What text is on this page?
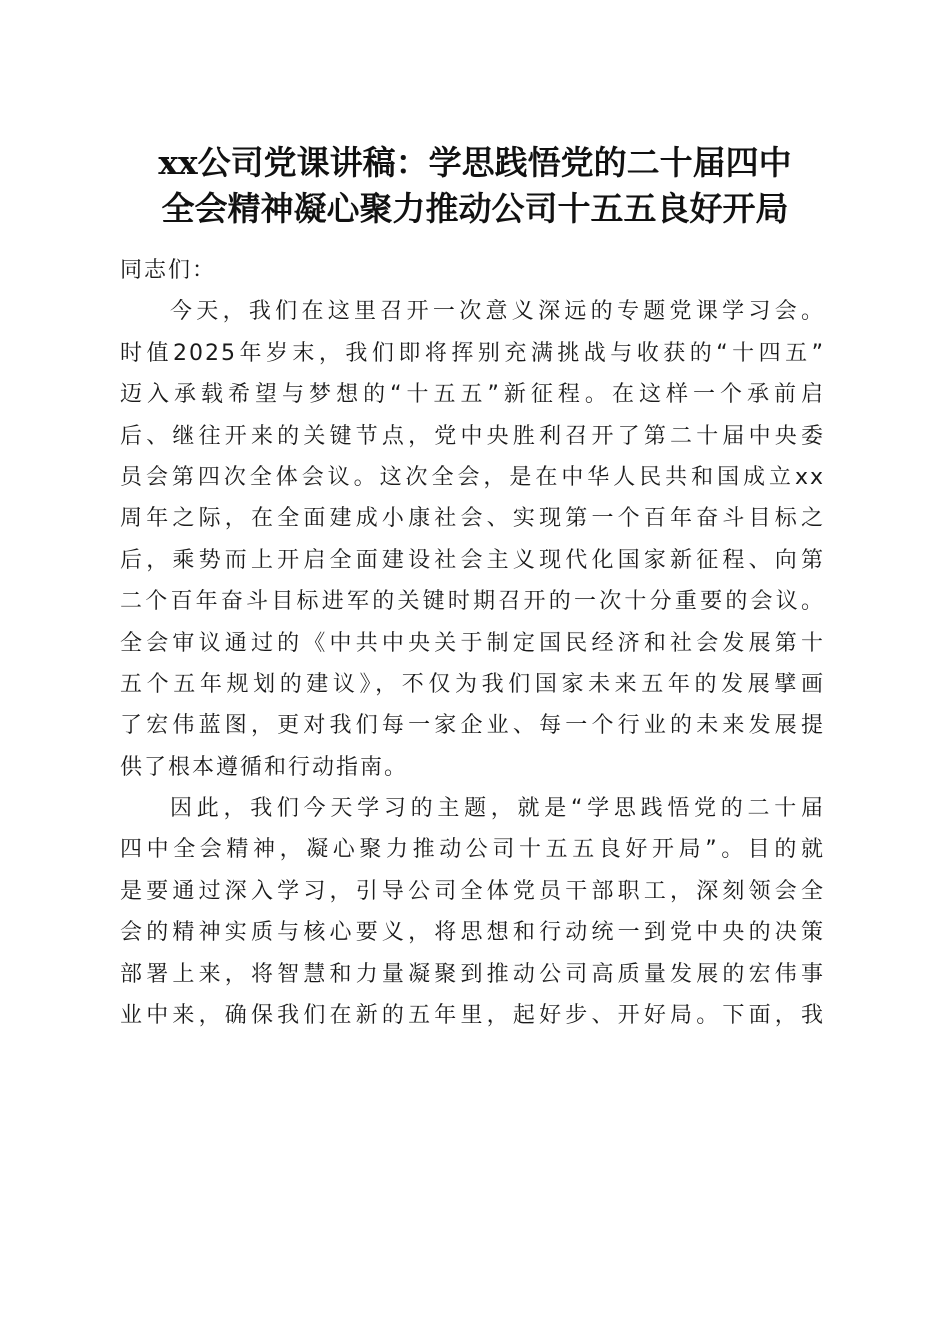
xx公司党课讲稿：学思践悟党的二十届四中
全会精神凝心聚力推动公司十五五良好开局
同志们：
今天，我们在这里召开一次意义深远的专题党课学习会。
时值2025年岁末，我们即将挥别充满挑战与收获的“十四五”
迈入承载希望与梦想的“十五五”新征程。在这样一个承前启
后、继往开来的关键节点，党中央胜利召开了第二十届中央委
员会第四次全体会议。这次全会，是在中华人民共和国成立xx
周年之际，在全面建成小康社会、实现第一个百年奋斗目标之
后，乘势而上开启全面建设社会主义现代化国家新征程、向第
二个百年奋斗目标进军的关键时期召开的一次十分重要的会议。
全会审议通过的《中共中央关于制定国民经济和社会发展第十
五个五年规划的建议》，不仅为我们国家未来五年的发展擘画
了宏伟蓝图，更对我们每一家企业、每一个行业的未来发展提
供了根本遵循和行动指南。
因此，我们今天学习的主题，就是“学思践悟党的二十届
四中全会精神，凝心聚力推动公司十五五良好开局”。目的就
是要通过深入学习，引导公司全体党员干部职工，深刻领会全
会的精神实质与核心要义，将思想和行动统一到党中央的决策
部署上来，将智慧和力量凝聚到推动公司高质量发展的宏伟事
业中来，确保我们在新的五年里，起好步、开好局。下面，我
